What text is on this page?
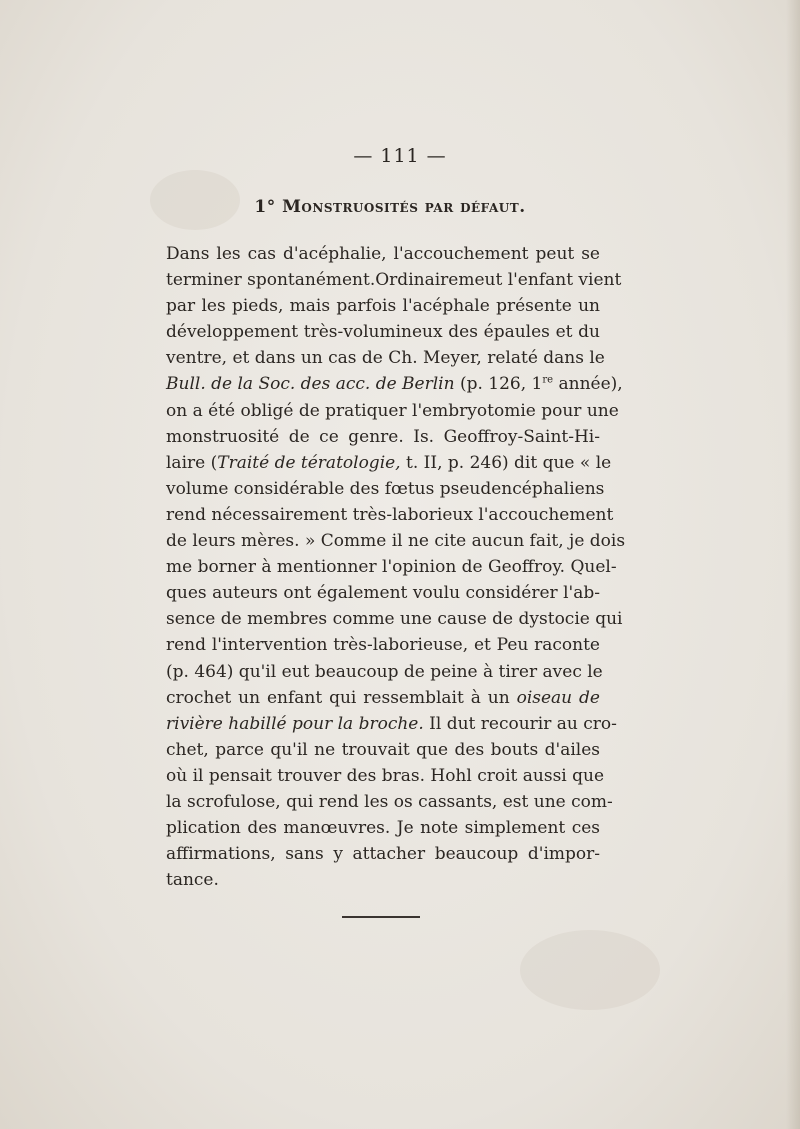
— 111 —
1° Monstruosités par défaut.
Dans les cas d'acéphalie, l'accouchement peut se
terminer spontanément.Ordinairemeut l'enfant vient
par les pieds, mais parfois l'acéphale présente un
développement très-volumineux des épaules et du
ventre, et dans un cas de Ch. Meyer, relaté dans le
Bull. de la Soc. des acc. de Berlin (p. 126, 1re année),
on a été obligé de pratiquer l'embryotomie pour une
monstruosité de ce genre. Is. Geoffroy-Saint-Hi-
laire (Traité de tératologie, t. II, p. 246) dit que « le
volume considérable des fœtus pseudencéphaliens
rend nécessairement très-laborieux l'accouchement
de leurs mères. » Comme il ne cite aucun fait, je dois
me borner à mentionner l'opinion de Geoffroy. Quel-
ques auteurs ont également voulu considérer l'ab-
sence de membres comme une cause de dystocie qui
rend l'intervention très-laborieuse, et Peu raconte
(p. 464) qu'il eut beaucoup de peine à tirer avec le
crochet un enfant qui ressemblait à un oiseau de
rivière habillé pour la broche. Il dut recourir au cro-
chet, parce qu'il ne trouvait que des bouts d'ailes
où il pensait trouver des bras. Hohl croit aussi que
la scrofulose, qui rend les os cassants, est une com-
plication des manœuvres. Je note simplement ces
affirmations, sans y attacher beaucoup d'impor-
tance.
